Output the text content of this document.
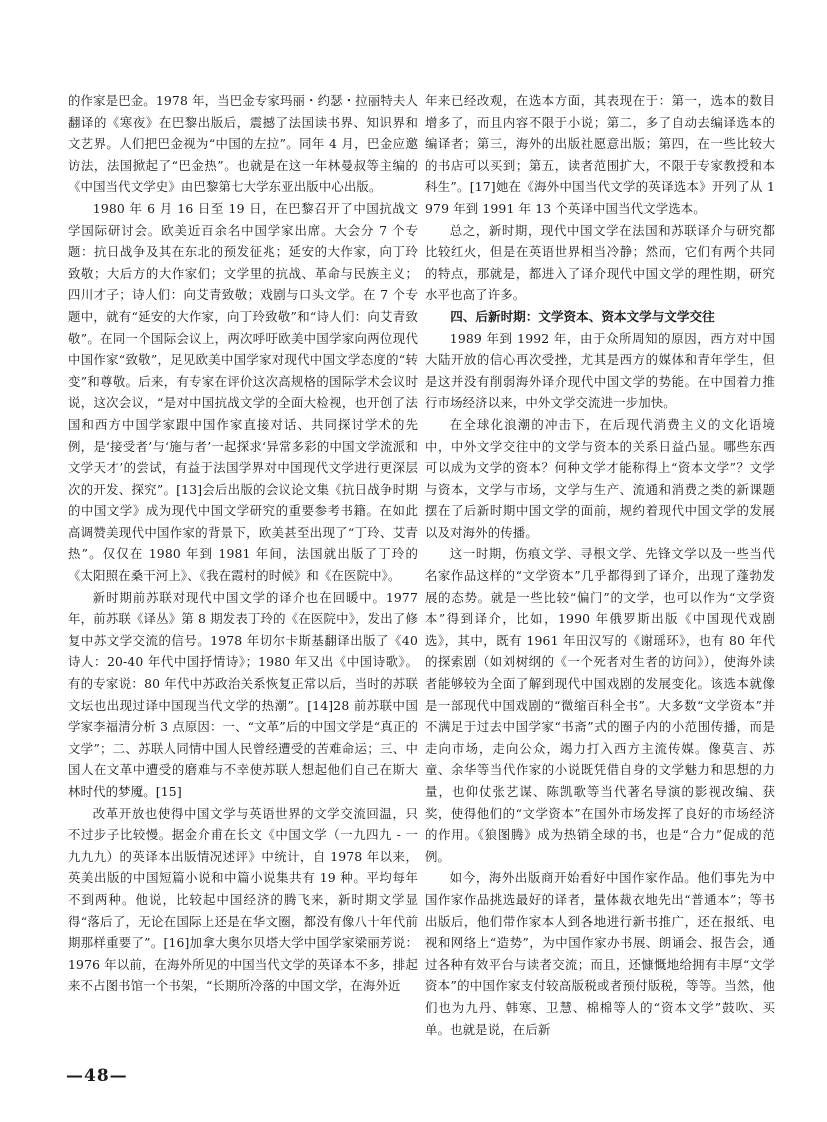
的作家是巴金。1978 年，当巴金专家玛丽・约瑟・拉丽特夫人翻译的《寒夜》在巴黎出版后，震撼了法国读书界、知识界和文艺界。人们把巴金视为“中国的左拉”。同年 4 月，巴金应邀访法，法国掀起了“巴金热”。也就是在这一年林曼叔等主编的《中国当代文学史》由巴黎第七大学东亚出版中心出版。

1980 年 6 月 16 日至 19 日，在巴黎召开了中国抗战文学国际研讨会。欧美近百余名中国学家出席。大会分 7 个专题：抗日战争及其在东北的预发征兆；延安的大作家，向丁玲致敬；大后方的大作家们；文学里的抗战、革命与民族主义；四川才子；诗人们：向艾青致敬；戏剧与口头文学。在 7 个专题中，就有“延安的大作家，向丁玲致敬”和“诗人们：向艾青致敬”。在同一个国际会议上，两次呼吁欧美中国学家向两位现代中国作家“致敬”，足见欧美中国学家对现代中国文学态度的“转变”和尊敬。后来，有专家在评价这次高规格的国际学术会议时说，这次会议，“是对中国抗战文学的全面大检视，也开创了法国和西方中国学家跟中国作家直接对话、共同探讨学术的先例，是‘接受者’与‘施与者’一起探求‘异常多彩的中国文学流派和文学天才’的尝试，有益于法国学界对中国现代文学进行更深层次的开发、探究”。[13]会后出版的会议论文集《抗日战争时期的中国文学》成为现代中国文学研究的重要参考书籍。在如此高调赞美现代中国作家的背景下，欧美甚至出现了“丁玲、艾青热”。仅仅在 1980 年到 1981 年间，法国就出版了丁玲的《太阳照在桑干河上》、《我在霞村的时候》和《在医院中》。

新时期前苏联对现代中国文学的译介也在回暖中。1977 年，前苏联《译丛》第 8 期发表丁玲的《在医院中》，发出了修复中苏文学交流的信号。1978 年切尔卡斯基翻译出版了《40 诗人：20-40 年代中国抒情诗》；1980 年又出《中国诗歌》。有的专家说：80 年代中苏政治关系恢复正常以后，当时的苏联文坛也出现过译中国现当代文学的热潮”。[14]28 前苏联中国学家李福清分析 3 点原因：一、“文革”后的中国文学是“真正的文学”；二、苏联人同情中国人民曾经遭受的苦难命运；三、中国人在文革中遭受的磨难与不幸使苏联人想起他们自己在斯大林时代的梦魇。[15]

改革开放也使得中国文学与英语世界的文学交流回温，只不过步子比较慢。据金介甫在长文《中国文学（一九四九 - 一九九九）的英译本出版情况述评》中统计，自 1978 年以来，英美出版的中国短篇小说和中篇小说集共有 19 种。平均每年不到两种。他说，比较起中国经济的腾飞来，新时期文学显得“落后了，无论在国际上还是在华文圈，都没有像八十年代前期那样重要了”。[16]加拿大奥尔贝塔大学中国学家梁丽芳说：1976 年以前，在海外所见的中国当代文学的英译本不多，排起来不占图书馆一个书架，“长期所冷落的中国文学，在海外近

年来已经改观，在选本方面，其表现在于：第一，选本的数目增多了，而且内容不限于小说；第二，多了自动去编译选本的编译者；第三，海外的出版社愿意出版；第四，在一些比较大的书店可以买到；第五，读者范围扩大，不限于专家教授和本科生”。[17]她在《海外中国当代文学的英译选本》开列了从 1979 年到 1991 年 13 个英译中国当代文学选本。

总之，新时期，现代中国文学在法国和苏联译介与研究都比较红火，但是在英语世界相当冷静；然而，它们有两个共同的特点，那就是，都进入了译介现代中国文学的理性期，研究水平也高了许多。

四、后新时期：文学资本、资本文学与文学交往

1989 年到 1992 年，由于众所周知的原因，西方对中国大陆开放的信心再次受挫，尤其是西方的媒体和青年学生，但是这并没有削弱海外译介现代中国文学的势能。在中国着力推行市场经济以来，中外文学交流进一步加快。

在全球化浪潮的冲击下，在后现代消费主义的文化语境中，中外文学交往中的文学与资本的关系日益凸显。哪些东西可以成为文学的资本？何种文学才能称得上“资本文学”？文学与资本，文学与市场，文学与生产、流通和消费之类的新课题摆在了后新时期中国文学的面前，规约着现代中国文学的发展以及对海外的传播。

这一时期，伤痕文学、寻根文学、先锋文学以及一些当代名家作品这样的“文学资本”几乎都得到了译介，出现了蓬勃发展的态势。就是一些比较“偏门”的文学，也可以作为“文学资本”得到译介，比如，1990 年俄罗斯出版《中国现代戏剧选》，其中，既有 1961 年田汉写的《谢瑶环》，也有 80 年代的探索剧（如刘树纲的《一个死者对生者的访问》），使海外读者能够较为全面了解到现代中国戏剧的发展变化。该选本就像是一部现代中国戏剧的“微缩百科全书”。大多数“文学资本”并不满足于过去中国学家“书斋”式的圈子内的小范围传播，而是走向市场，走向公众，竭力打入西方主流传媒。像莫言、苏童、余华等当代作家的小说既凭借自身的文学魅力和思想的力量，也仰仗张艺谋、陈凯歌等当代著名导演的影视改编、获奖，使得他们的“文学资本”在国外市场发挥了良好的市场经济的作用。《狼图腾》成为热销全球的书，也是“合力”促成的范例。

如今，海外出版商开始看好中国作家作品。他们事先为中国作家作品挑选最好的译者，量体裁衣地先出“普通本”；等书出版后，他们带作家本人到各地进行新书推广，还在报纸、电视和网络上“造势”，为中国作家办书展、朗诵会、报告会，通过各种有效平台与读者交流；而且，还慷慨地给拥有丰厚“文学资本”的中国作家支付较高版税或者预付版税，等等。当然，他们也为九丹、韩寒、卫慧、棉棉等人的“资本文学”鼓吹、买单。也就是说，在后新

—48—
